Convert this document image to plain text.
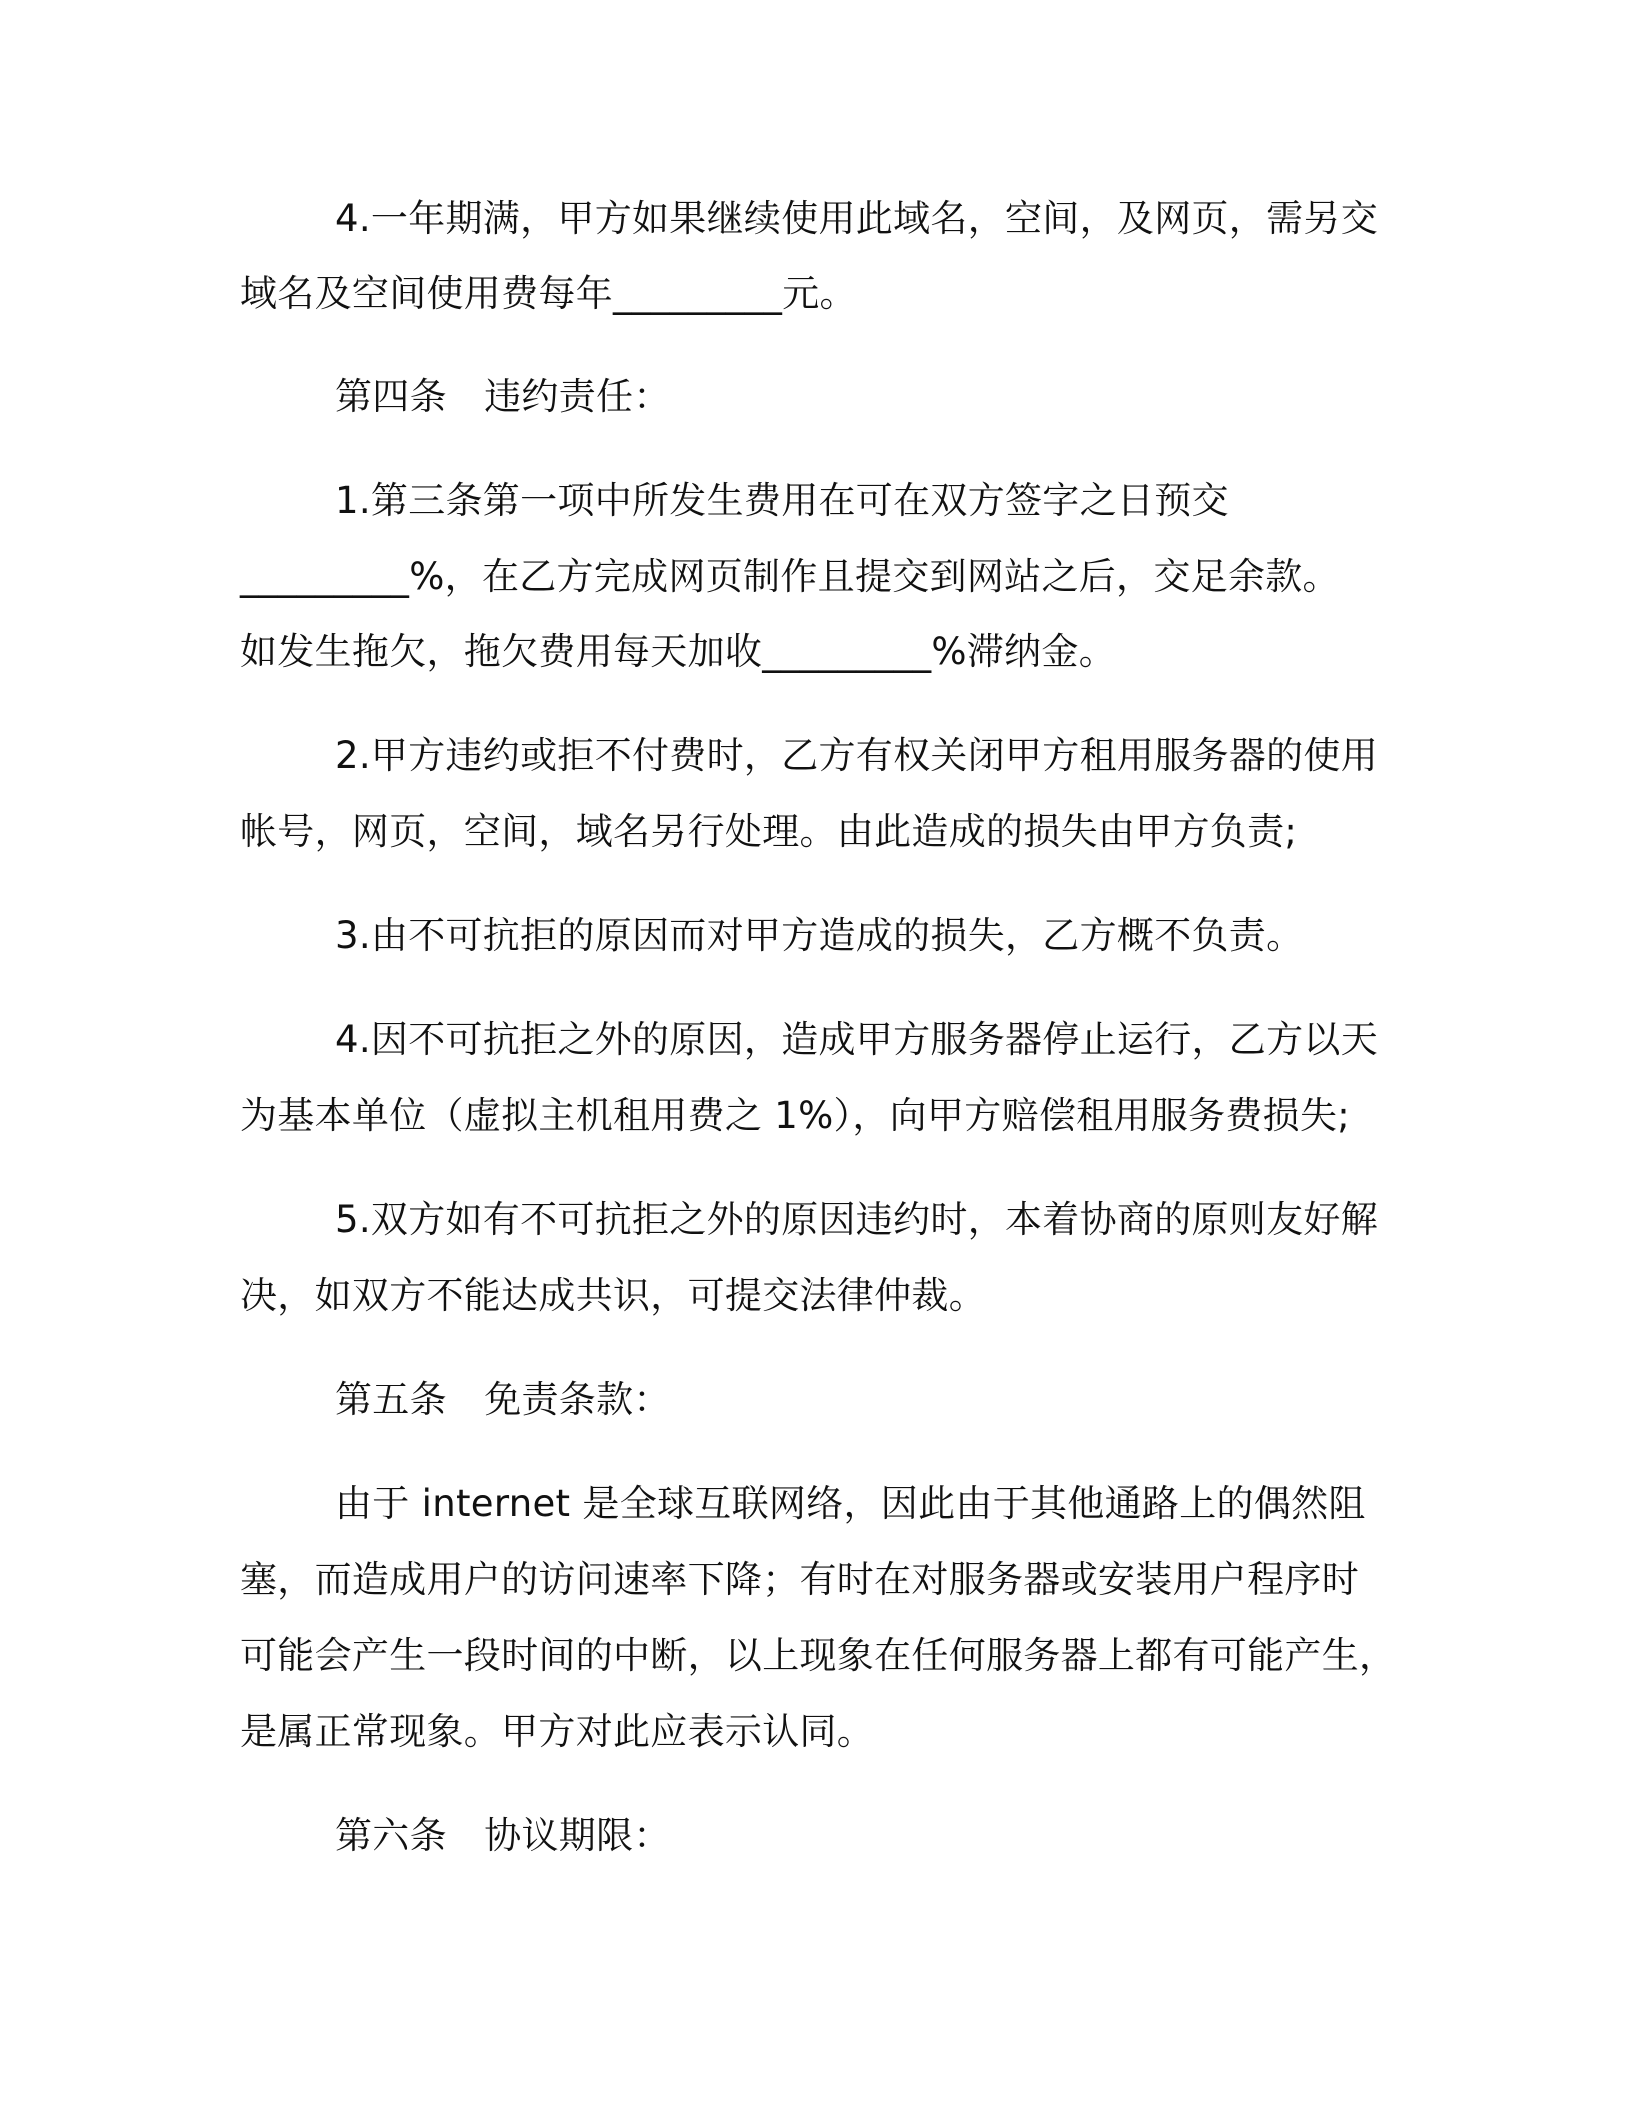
4.一年期满，甲方如果继续使用此域名，空间，及网页，需另交
域名及空间使用费每年_________元。
第四条　违约责任：
1.第三条第一项中所发生费用在可在双方签字之日预交
_________%，在乙方完成网页制作且提交到网站之后，交足余款。
如发生拖欠，拖欠费用每天加收_________%滞纳金。
2.甲方违约或拒不付费时，乙方有权关闭甲方租用服务器的使用
帐号，网页，空间，域名另行处理。由此造成的损失由甲方负责;
3.由不可抗拒的原因而对甲方造成的损失，乙方概不负责。
4.因不可抗拒之外的原因，造成甲方服务器停止运行，乙方以天
为基本单位（虚拟主机租用费之 1%），向甲方赔偿租用服务费损失;
5.双方如有不可抗拒之外的原因违约时，本着协商的原则友好解
决，如双方不能达成共识，可提交法律仲裁。
第五条　免责条款：
由于 internet 是全球互联网络，因此由于其他通路上的偶然阻
塞，而造成用户的访问速率下降；有时在对服务器或安装用户程序时
可能会产生一段时间的中断，以上现象在任何服务器上都有可能产生，
是属正常现象。甲方对此应表示认同。
第六条　协议期限：
